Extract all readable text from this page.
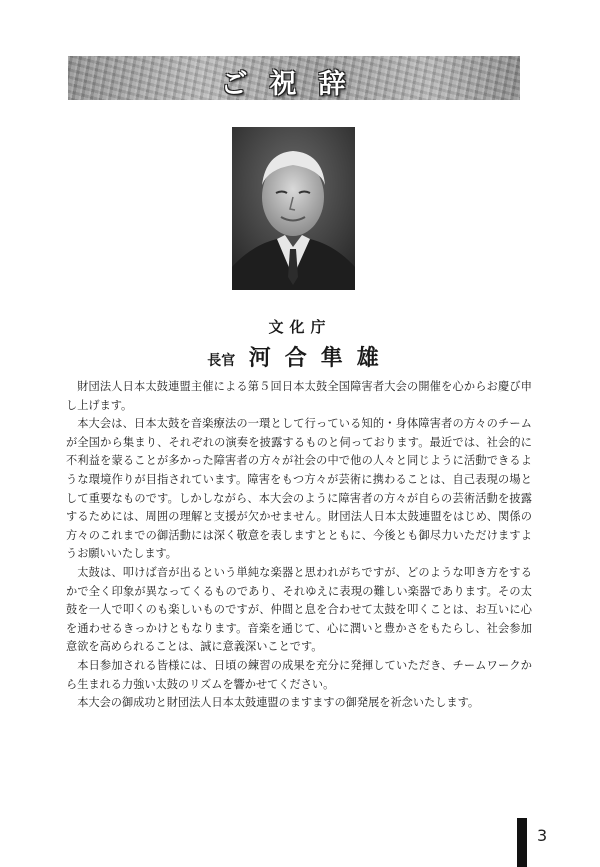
ご祝辞
文化庁
長官 河合隼雄

財団法人日本太鼓連盟主催による第５回日本太鼓全国障害者大会の開催を心からお慶び申し上げます。

本大会は、日本太鼓を音楽療法の一環として行っている知的・身体障害者の方々のチームが全国から集まり、それぞれの演奏を披露するものと伺っております。最近では、社会的に不利益を蒙ることが多かった障害者の方々が社会の中で他の人々と同じように活動できるような環境作りが目指されています。障害をもつ方々が芸術に携わることは、自己表現の場として重要なものです。しかしながら、本大会のように障害者の方々が自らの芸術活動を披露するためには、周囲の理解と支援が欠かせません。財団法人日本太鼓連盟をはじめ、関係の方々のこれまでの御活動には深く敬意を表しますとともに、今後とも御尽力いただけますようお願いいたします。

太鼓は、叩けば音が出るという単純な楽器と思われがちですが、どのような叩き方をするかで全く印象が異なってくるものであり、それゆえに表現の難しい楽器であります。その太鼓を一人で叩くのも楽しいものですが、仲間と息を合わせて太鼓を叩くことは、お互いに心を通わせるきっかけともなります。音楽を通じて、心に潤いと豊かさをもたらし、社会参加意欲を高められることは、誠に意義深いことです。

本日参加される皆様には、日頃の練習の成果を充分に発揮していただき、チームワークから生まれる力強い太鼓のリズムを響かせてください。

本大会の御成功と財団法人日本太鼓連盟のますますの御発展を祈念いたします。

3
